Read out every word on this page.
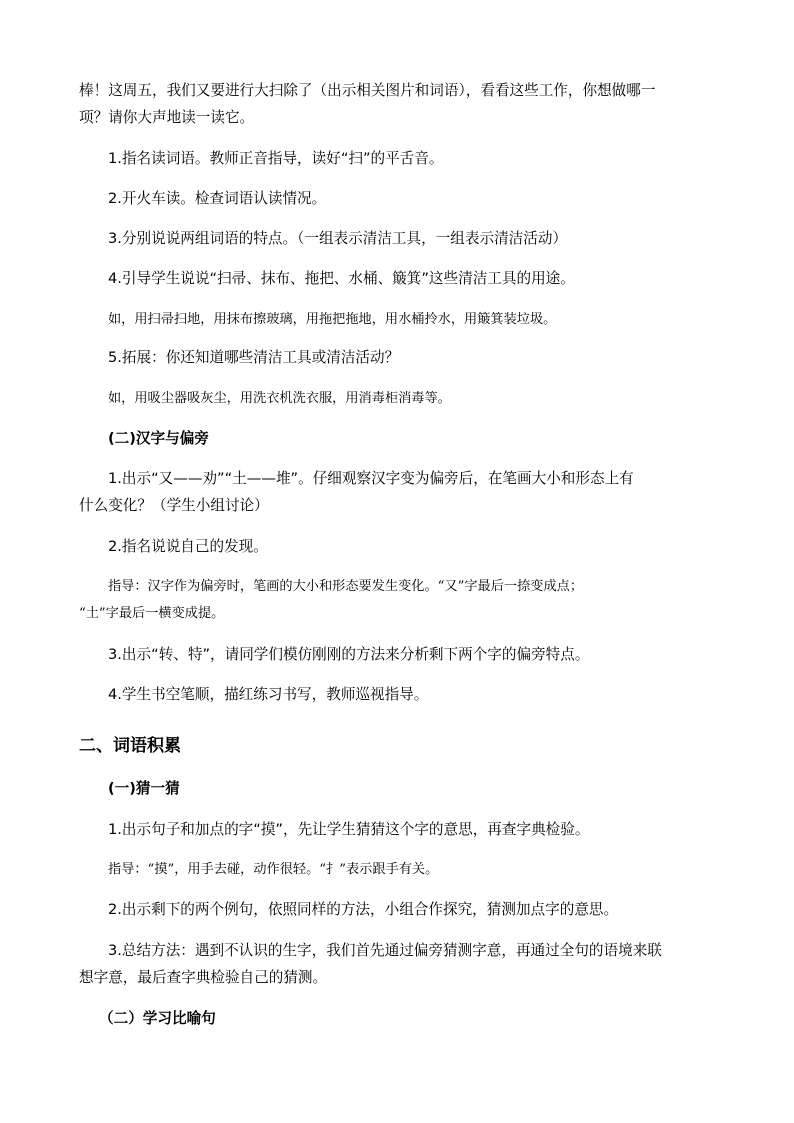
棒！这周五，我们又要进行大扫除了（出示相关图片和词语），看看这些工作，你想做哪一
项？请你大声地读一读它。
1.指名读词语。教师正音指导，读好“扫”的平舌音。
2.开火车读。检查词语认读情况。
3.分别说说两组词语的特点。（一组表示清洁工具，一组表示清洁活动）
4.引导学生说说“扫帚、抹布、拖把、水桶、簸箕”这些清洁工具的用途。
如，用扫帚扫地，用抹布擦玻璃，用拖把拖地，用水桶拎水，用簸箕装垃圾。
5.拓展：你还知道哪些清洁工具或清洁活动？
如，用吸尘器吸灰尘，用洗衣机洗衣服，用消毒柜消毒等。
(二)汉字与偏旁
1.出示“又——劝”“土——堆”。仔细观察汉字变为偏旁后，在笔画大小和形态上有
什么变化？（学生小组讨论）
2.指名说说自己的发现。
指导：汉字作为偏旁时，笔画的大小和形态要发生变化。“又”字最后一捺变成点；
“土”字最后一横变成提。
3.出示“转、特”，请同学们模仿刚刚的方法来分析剩下两个字的偏旁特点。
4.学生书空笔顺，描红练习书写，教师巡视指导。
二、词语积累
(一)猜一猜
1.出示句子和加点的字“摸”，先让学生猜猜这个字的意思，再查字典检验。
指导：“摸”，用手去碰，动作很轻。“扌”表示跟手有关。
2.出示剩下的两个例句，依照同样的方法，小组合作探究，猜测加点字的意思。
3.总结方法：遇到不认识的生字，我们首先通过偏旁猜测字意，再通过全句的语境来联
想字意，最后查字典检验自己的猜测。
（二）学习比喻句
